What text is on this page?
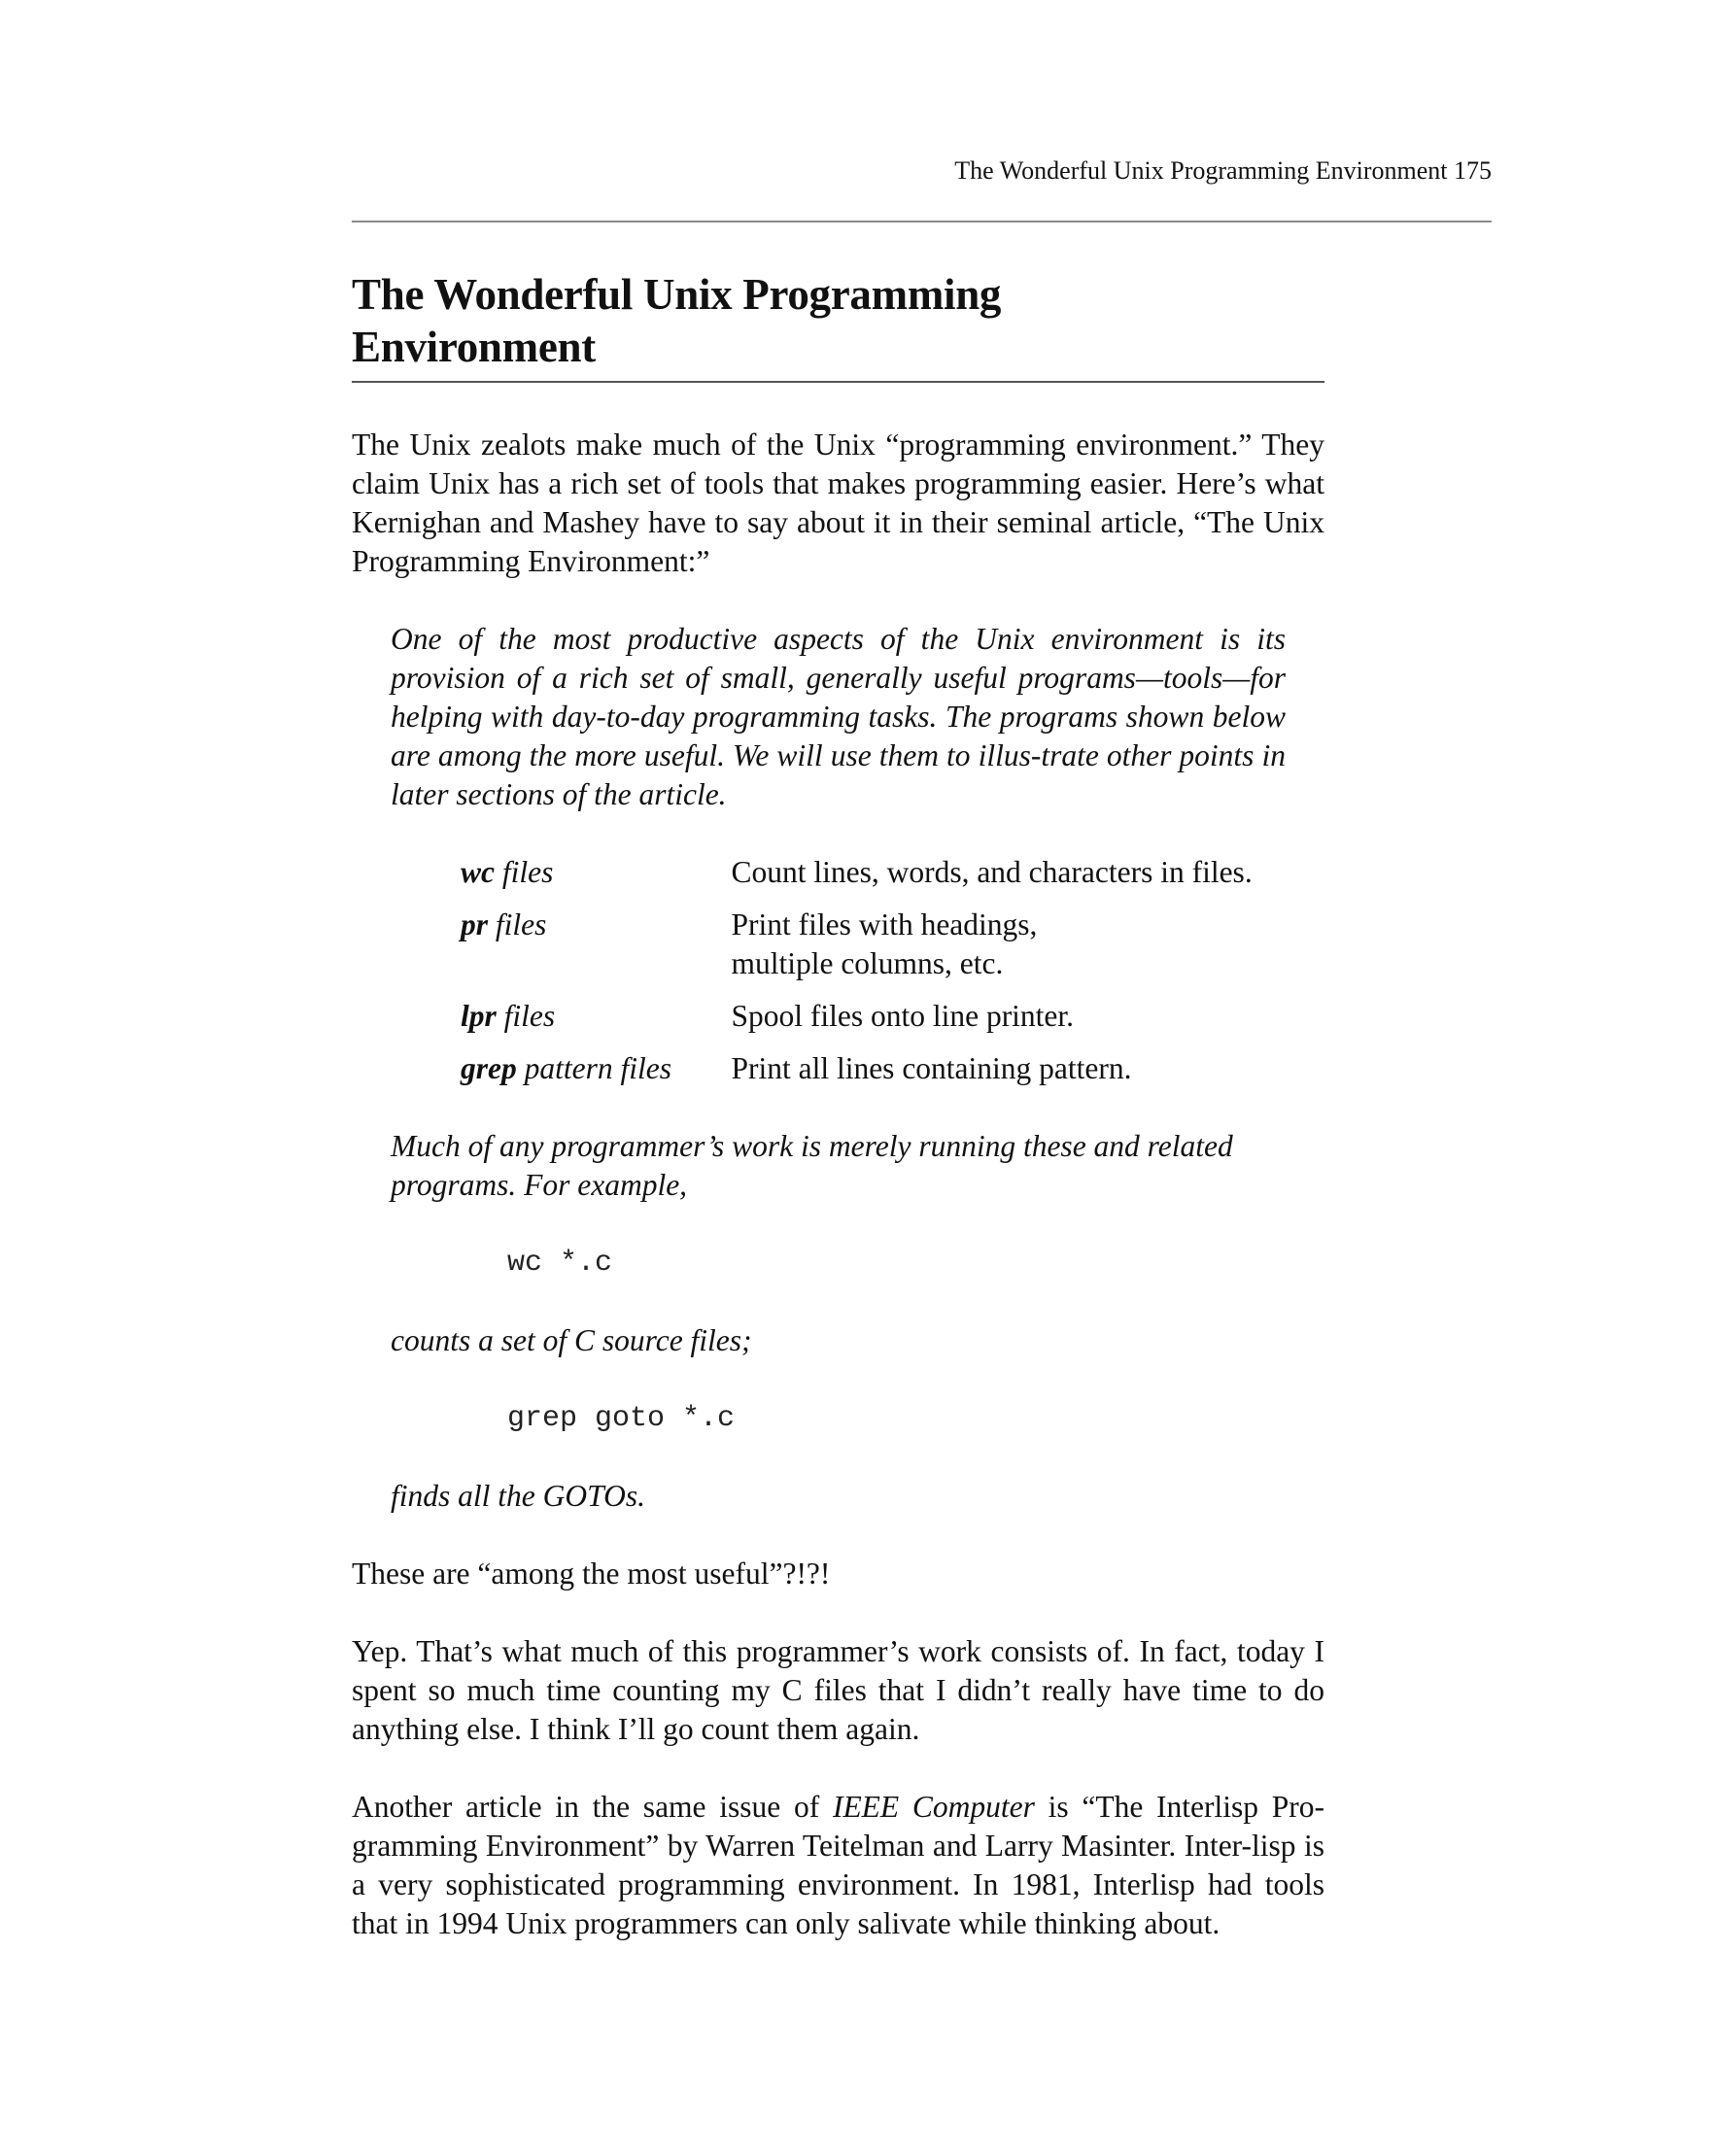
The Wonderful Unix Programming Environment 175
The Wonderful Unix Programming
Environment

The Unix zealots make much of the Unix “programming environment.” They claim Unix has a rich set of tools that makes programming easier. Here’s what Kernighan and Mashey have to say about it in their seminal article, “The Unix Programming Environment:”

One of the most productive aspects of the Unix environment is its provision of a rich set of small, generally useful programs—tools—for helping with day-to-day programming tasks. The programs shown below are among the more useful. We will use them to illus-trate other points in later sections of the article.

wc files	Count lines, words, and characters in files.
pr files	Print files with headings, multiple columns, etc.
lpr files	Spool files onto line printer.
grep pattern files	Print all lines containing pattern.

Much of any programmer’s work is merely running these and related programs. For example,

wc *.c

counts a set of C source files;

grep goto *.c

finds all the GOTOs.

These are “among the most useful”?!?!

Yep. That’s what much of this programmer’s work consists of. In fact, today I spent so much time counting my C files that I didn’t really have time to do anything else. I think I’ll go count them again.

Another article in the same issue of IEEE Computer is “The Interlisp Pro-gramming Environment” by Warren Teitelman and Larry Masinter. Inter-lisp is a very sophisticated programming environment. In 1981, Interlisp had tools that in 1994 Unix programmers can only salivate while thinking about.
